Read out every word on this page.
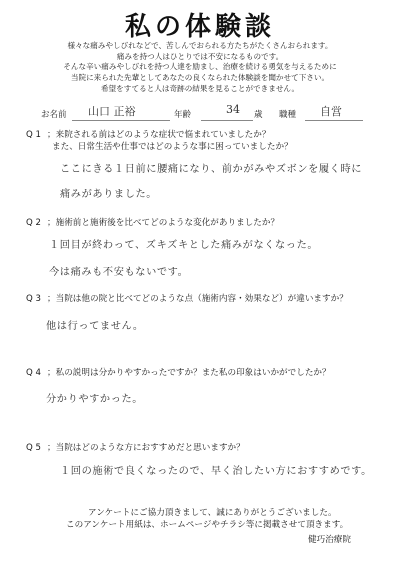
私の体験談
様々な痛みやしびれなどで、苦しんでおられる方たちがたくさんおられます。
痛みを持つ人はひとりでは不安になるものです。
そんな辛い痛みやしびれを持つ人達を励まし、治療を続ける勇気を与えるために
当院に来られた先輩としてあなたの良くなられた体験談を聞かせて下さい。
希望をすてると人は奇跡の結果を見ることができません。
お名前 山口 正裕	年齢	34 歳 職種 自営
Q 1 ；来院される前はどのような症状で悩まれていましたか？
また、日常生活や仕事ではどのような事に困っていましたか？
ここにきる１日前に腰痛になり、前かがみやズボンを履く時に
痛みがありました。
Q 2 ；施術前と施術後を比べてどのような変化がありましたか？
１回目が終わって、ズキズキとした痛みがなくなった。
今は痛みも不安もないです。
Q 3 ；当院は他の院と比べてどのような点（施術内容・効果など）が違いますか？
他は行ってません。
Q 4 ；私の説明は分かりやすかったですか？また私の印象はいかがでしたか？
分かりやすかった。
Q 5 ；当院はどのような方におすすめだと思いますか？
１回の施術で良くなったので、早く治したい方におすすめです。
アンケートにご協力頂きまして、誠にありがとうございました。
このアンケート用紙は、ホームページやチラシ等に掲載させて頂きます。
健巧治療院
